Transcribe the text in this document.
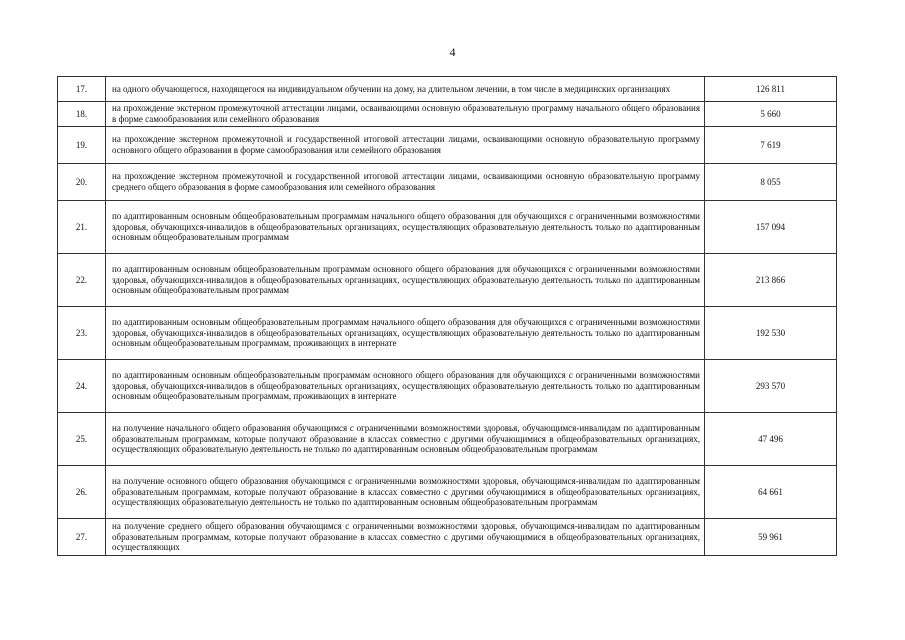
4
17.	на одного обучающегося, находящегося на индивидуальном обучении на дому, на длительном лечении, в том числе в медицинских организациях	126 811
18.	на прохождение экстерном промежуточной аттестации лицами, осваивающими основную образовательную программу начального общего образования в форме самообразования или семейного образования	5 660
19.	на прохождение экстерном промежуточной и государственной итоговой аттестации лицами, осваивающими основную образовательную программу основного общего образования в форме самообразования или семейного образования	7 619
20.	на прохождение экстерном промежуточной и государственной итоговой аттестации лицами, осваивающими основную образовательную программу среднего общего образования в форме самообразования или семейного образования	8 055
21.	по адаптированным основным общеобразовательным программам начального общего образования для обучающихся с ограниченными возможностями здоровья, обучающихся-инвалидов в общеобразовательных организациях, осуществляющих образовательную деятельность только по адаптированным основным общеобразовательным программам	157 094
22.	по адаптированным основным общеобразовательным программам основного общего образования для обучающихся с ограниченными возможностями здоровья, обучающихся-инвалидов в общеобразовательных организациях, осуществляющих образовательную деятельность только по адаптированным основным общеобразовательным программам	213 866
23.	по адаптированным основным общеобразовательным программам начального общего образования для обучающихся с ограниченными возможностями здоровья, обучающихся-инвалидов в общеобразовательных организациях, осуществляющих образовательную деятельность только по адаптированным основным общеобразовательным программам, проживающих в интернате	192 530
24.	по адаптированным основным общеобразовательным программам основного общего образования для обучающихся с ограниченными возможностями здоровья, обучающихся-инвалидов в общеобразовательных организациях, осуществляющих образовательную деятельность только по адаптированным основным общеобразовательным программам, проживающих в интернате	293 570
25.	на получение начального общего образования обучающимся с ограниченными возможностями здоровья, обучающимся-инвалидам по адаптированным образовательным программам, которые получают образование в классах совместно с другими обучающимися в общеобразовательных организациях, осуществляющих образовательную деятельность не только по адаптированным основным общеобразовательным программам	47 496
26.	на получение основного общего образования обучающимся с ограниченными возможностями здоровья, обучающимся-инвалидам по адаптированным образовательным программам, которые получают образование в классах совместно с другими обучающимися в общеобразовательных организациях, осуществляющих образовательную деятельность не только по адаптированным основным общеобразовательным программам	64 661
27.	на получение среднего общего образования обучающимся с ограниченными возможностями здоровья, обучающимся-инвалидам по адаптированным образовательным программам, которые получают образование в классах совместно с другими обучающимися в общеобразовательных организациях, осуществляющих	59 961
